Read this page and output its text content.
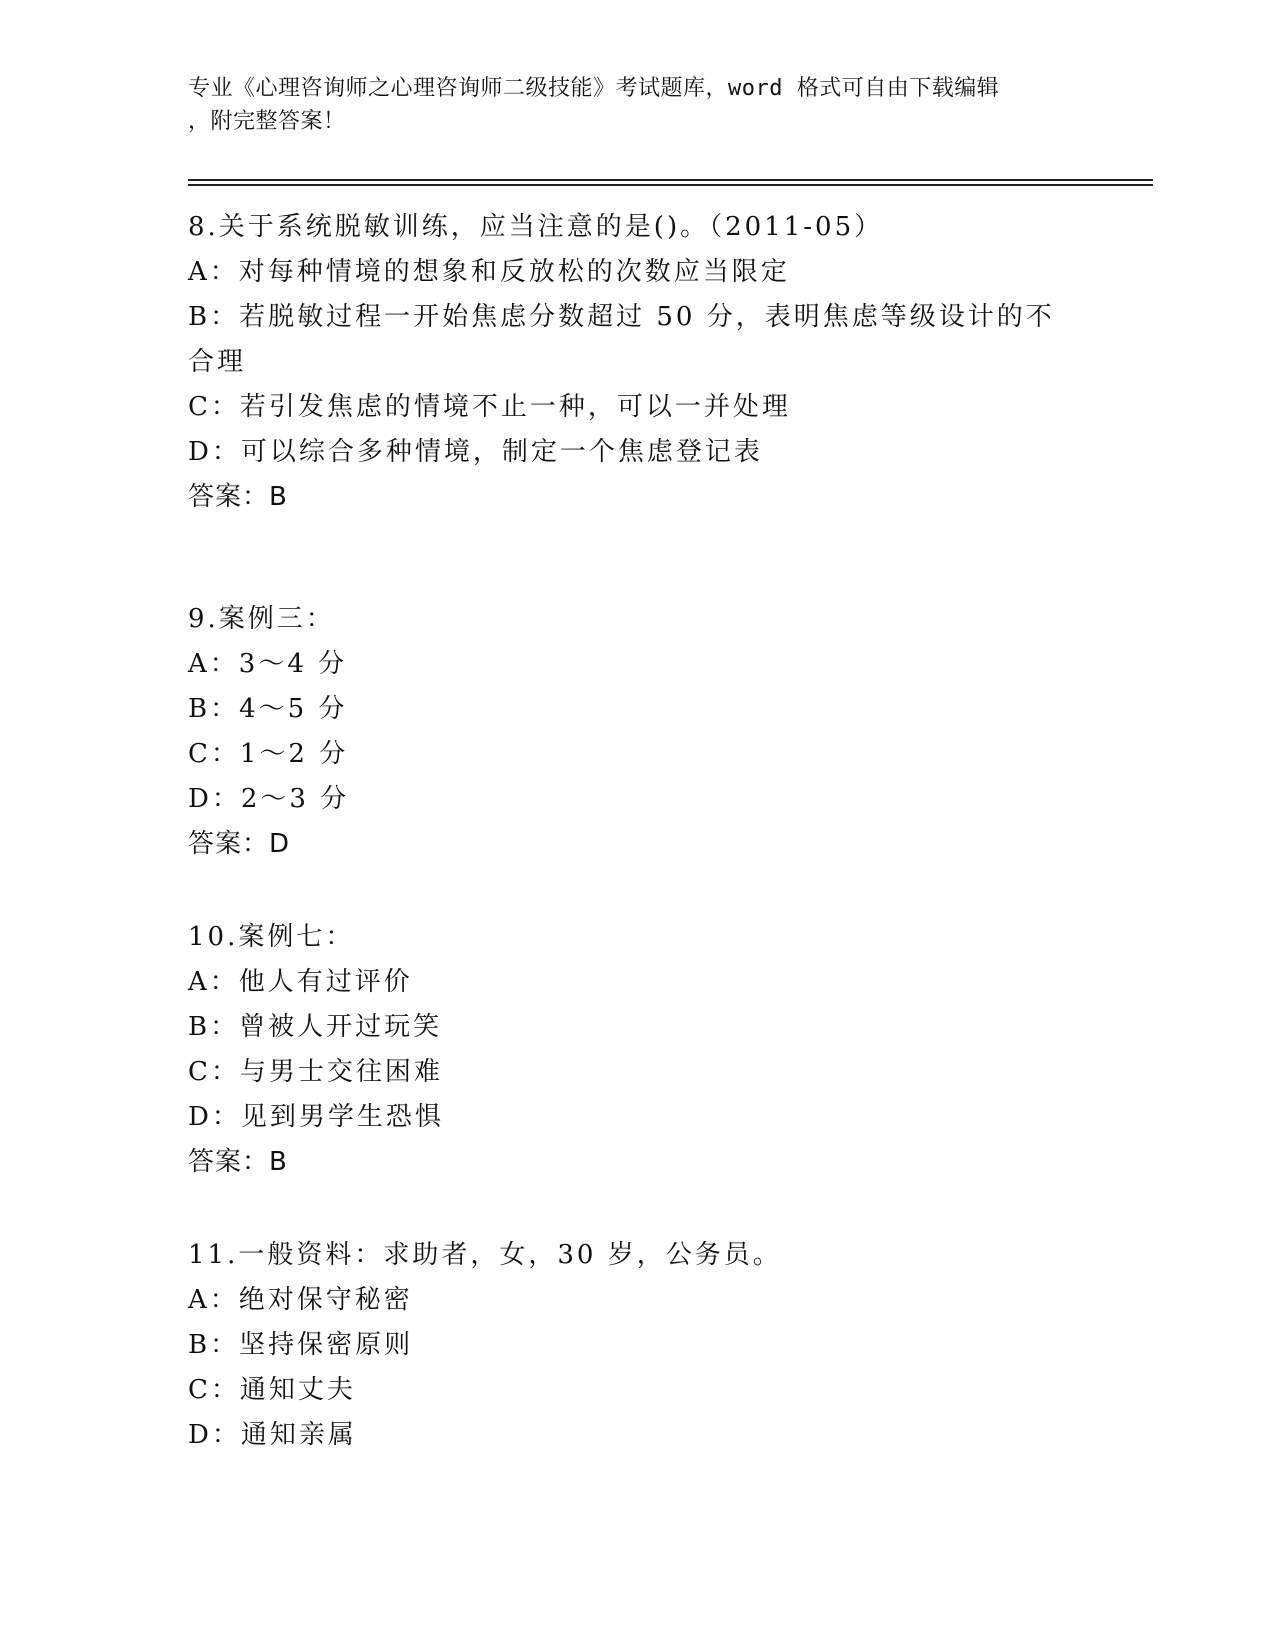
专业《心理咨询师之心理咨询师二级技能》考试题库，word 格式可自由下载编辑
，附完整答案！
8.关于系统脱敏训练，应当注意的是()。（2011-05）
A：对每种情境的想象和反放松的次数应当限定
B：若脱敏过程一开始焦虑分数超过 50 分，表明焦虑等级设计的不合理
C：若引发焦虑的情境不止一种，可以一并处理
D：可以综合多种情境，制定一个焦虑登记表
答案：B
9.案例三：
A：3～4 分
B：4～5 分
C：1～2 分
D：2～3 分
答案：D
10.案例七：
A：他人有过评价
B：曾被人开过玩笑
C：与男士交往困难
D：见到男学生恐惧
答案：B
11.一般资料：求助者，女，30 岁，公务员。
A：绝对保守秘密
B：坚持保密原则
C：通知丈夫
D：通知亲属
